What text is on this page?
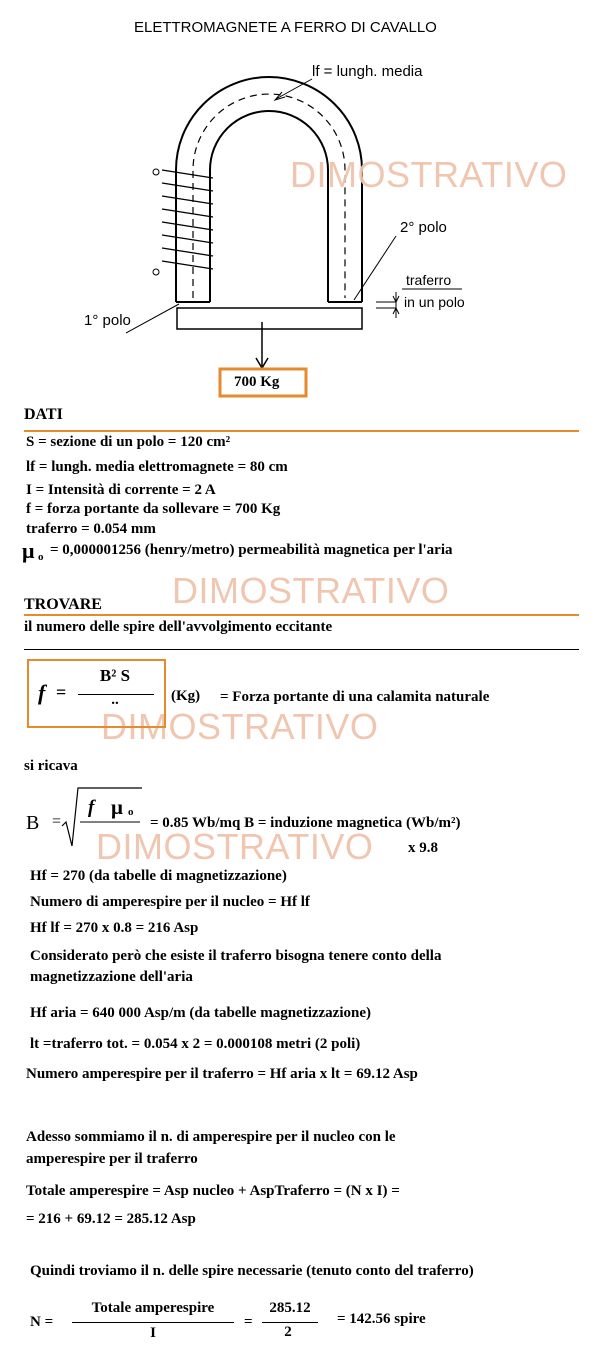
ELETTROMAGNETE A FERRO DI CAVALLO
lf = lungh. media
2° polo
1° polo
traferro
in un polo
700 Kg
DIMOSTRATIVO
DIMOSTRATIVO
DIMOSTRATIVO
DIMOSTRATIVO
DATI
S = sezione di un polo = 120 cm²
lf = lungh. media elettromagnete = 80 cm
I = Intensità di corrente = 2 A
f = forza portante da sollevare = 700 Kg
traferro = 0.054 mm
μ o = 0,000001256 (henry/metro) permeabilità magnetica per l'aria
TROVARE
il numero delle spire dell'avvolgimento eccitante
f =
B² S
..	(Kg) = Forza portante di una calamita naturale
si ricava
B =
f μ o
= 0.85 Wb/mq B = induzione magnetica (Wb/m²)
x 9.8
Hf = 270 (da tabelle di magnetizzazione)
Numero di amperespire per il nucleo = Hf lf
Hf lf = 270 x 0.8 = 216 Asp
Considerato però che esiste il traferro bisogna tenere conto della
magnetizzazione dell'aria
Hf aria = 640 000 Asp/m (da tabelle magnetizzazione)
lt =traferro tot. = 0.054 x 2 = 0.000108 metri (2 poli)
Numero amperespire per il traferro = Hf aria x lt = 69.12 Asp
Adesso sommiamo il n. di amperespire per il nucleo con le
amperespire per il traferro
Totale amperespire = Asp nucleo + AspTraferro = (N x I) =
= 216 + 69.12 = 285.12 Asp
Quindi troviamo il n. delle spire necessarie (tenuto conto del traferro)
N =
Totale amperespire
I
=
285.12
2
= 142.56 spire
